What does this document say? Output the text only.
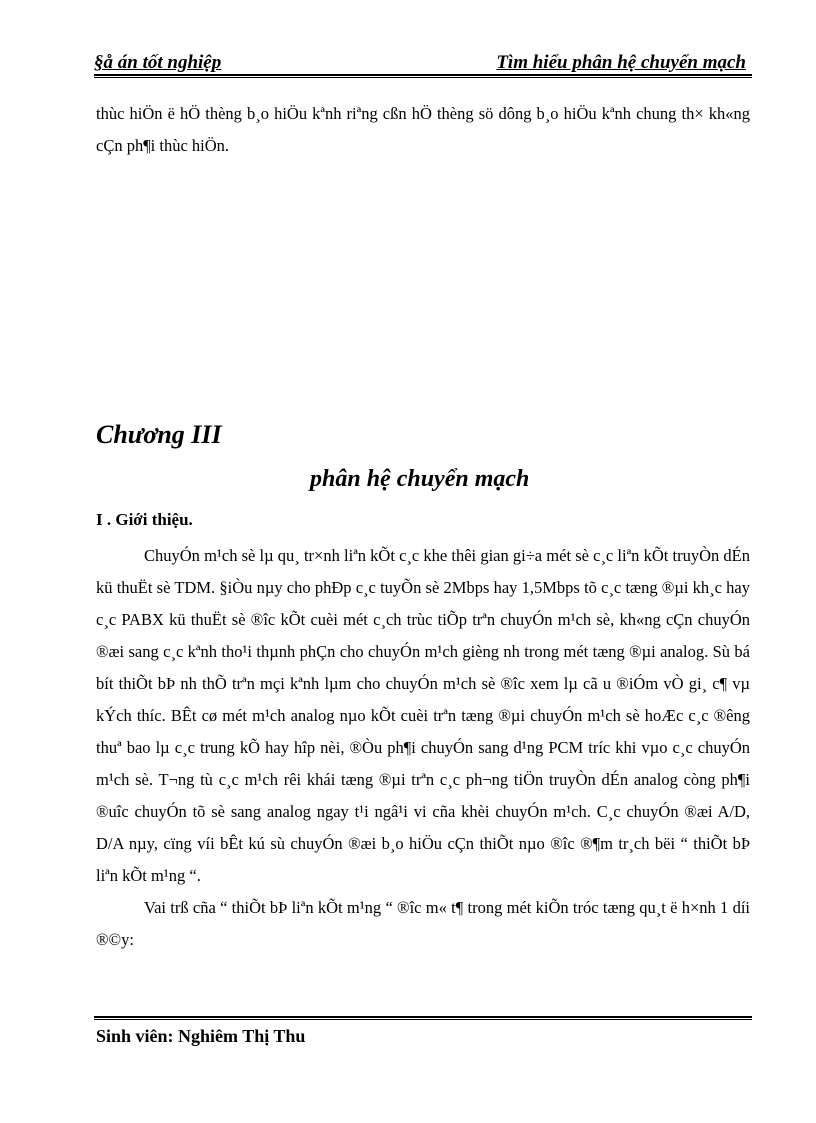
§å án tốt nghiệp	Tìm hiểu phân hệ chuyển mạch

thùc hiÖn ë hÖ thèng b¸o hiÖu kªnh riªng cßn hÖ thèng sö dông b¸o hiÖu kªnh chung th× kh«ng cÇn ph¶i thùc hiÖn.

Chương III
phân hệ chuyển mạch
I . Giới thiệu.

ChuyÓn m¹ch sè lµ qu¸ tr×nh liªn kÕt c¸c khe thêi gian gi÷a mét sè c¸c liªn kÕt truyÒn dÉn kü thuËt sè TDM. §iÒu nµy cho phÐp c¸c tuyÕn sè 2Mbps hay 1,5Mbps tõ c¸c tæng ®µi kh¸c hay c¸c PABX kü thuËt sè ®îc kÕt cuèi mét c¸ch trùc tiÕp trªn chuyÓn m¹ch sè, kh«ng cÇn chuyÓn ®æi sang c¸c kªnh tho¹i thµnh phÇn cho chuyÓn m¹ch gièng nh trong mét tæng ®µi analog. Sù bá bít thiÕt bÞ nh thÕ trªn mçi kªnh lµm cho chuyÓn m¹ch sè ®îc xem lµ cã u ®iÓm vÒ gi¸ c¶ vµ kÝch thíc. BÊt cø mét m¹ch analog nµo kÕt cuèi trªn tæng ®µi chuyÓn m¹ch sè hoÆc c¸c ®êng thuª bao lµ c¸c trung kÕ hay hîp nèi, ®Òu ph¶i chuyÓn sang d¹ng PCM tríc khi vµo c¸c chuyÓn m¹ch sè. T¬ng tù c¸c m¹ch rêi khái tæng ®µi trªn c¸c ph¬ng tiÖn truyÒn dÉn analog còng ph¶i ®uîc chuyÓn tõ sè sang analog ngay t¹i ngâ¹i vi cña khèi chuyÓn m¹ch. C¸c chuyÓn ®æi A/D, D/A nµy, cïng víi bÊt kú sù chuyÓn ®æi b¸o hiÖu cÇn thiÕt nµo ®îc ®¶m tr¸ch bëi “ thiÕt bÞ liªn kÕt m¹ng “.

Vai trß cña “ thiÕt bÞ liªn kÕt m¹ng “ ®îc m« t¶ trong mét kiÕn tróc tæng qu¸t ë h×nh 1 díi ®©y:

Sinh viên: Nghiêm Thị Thu
